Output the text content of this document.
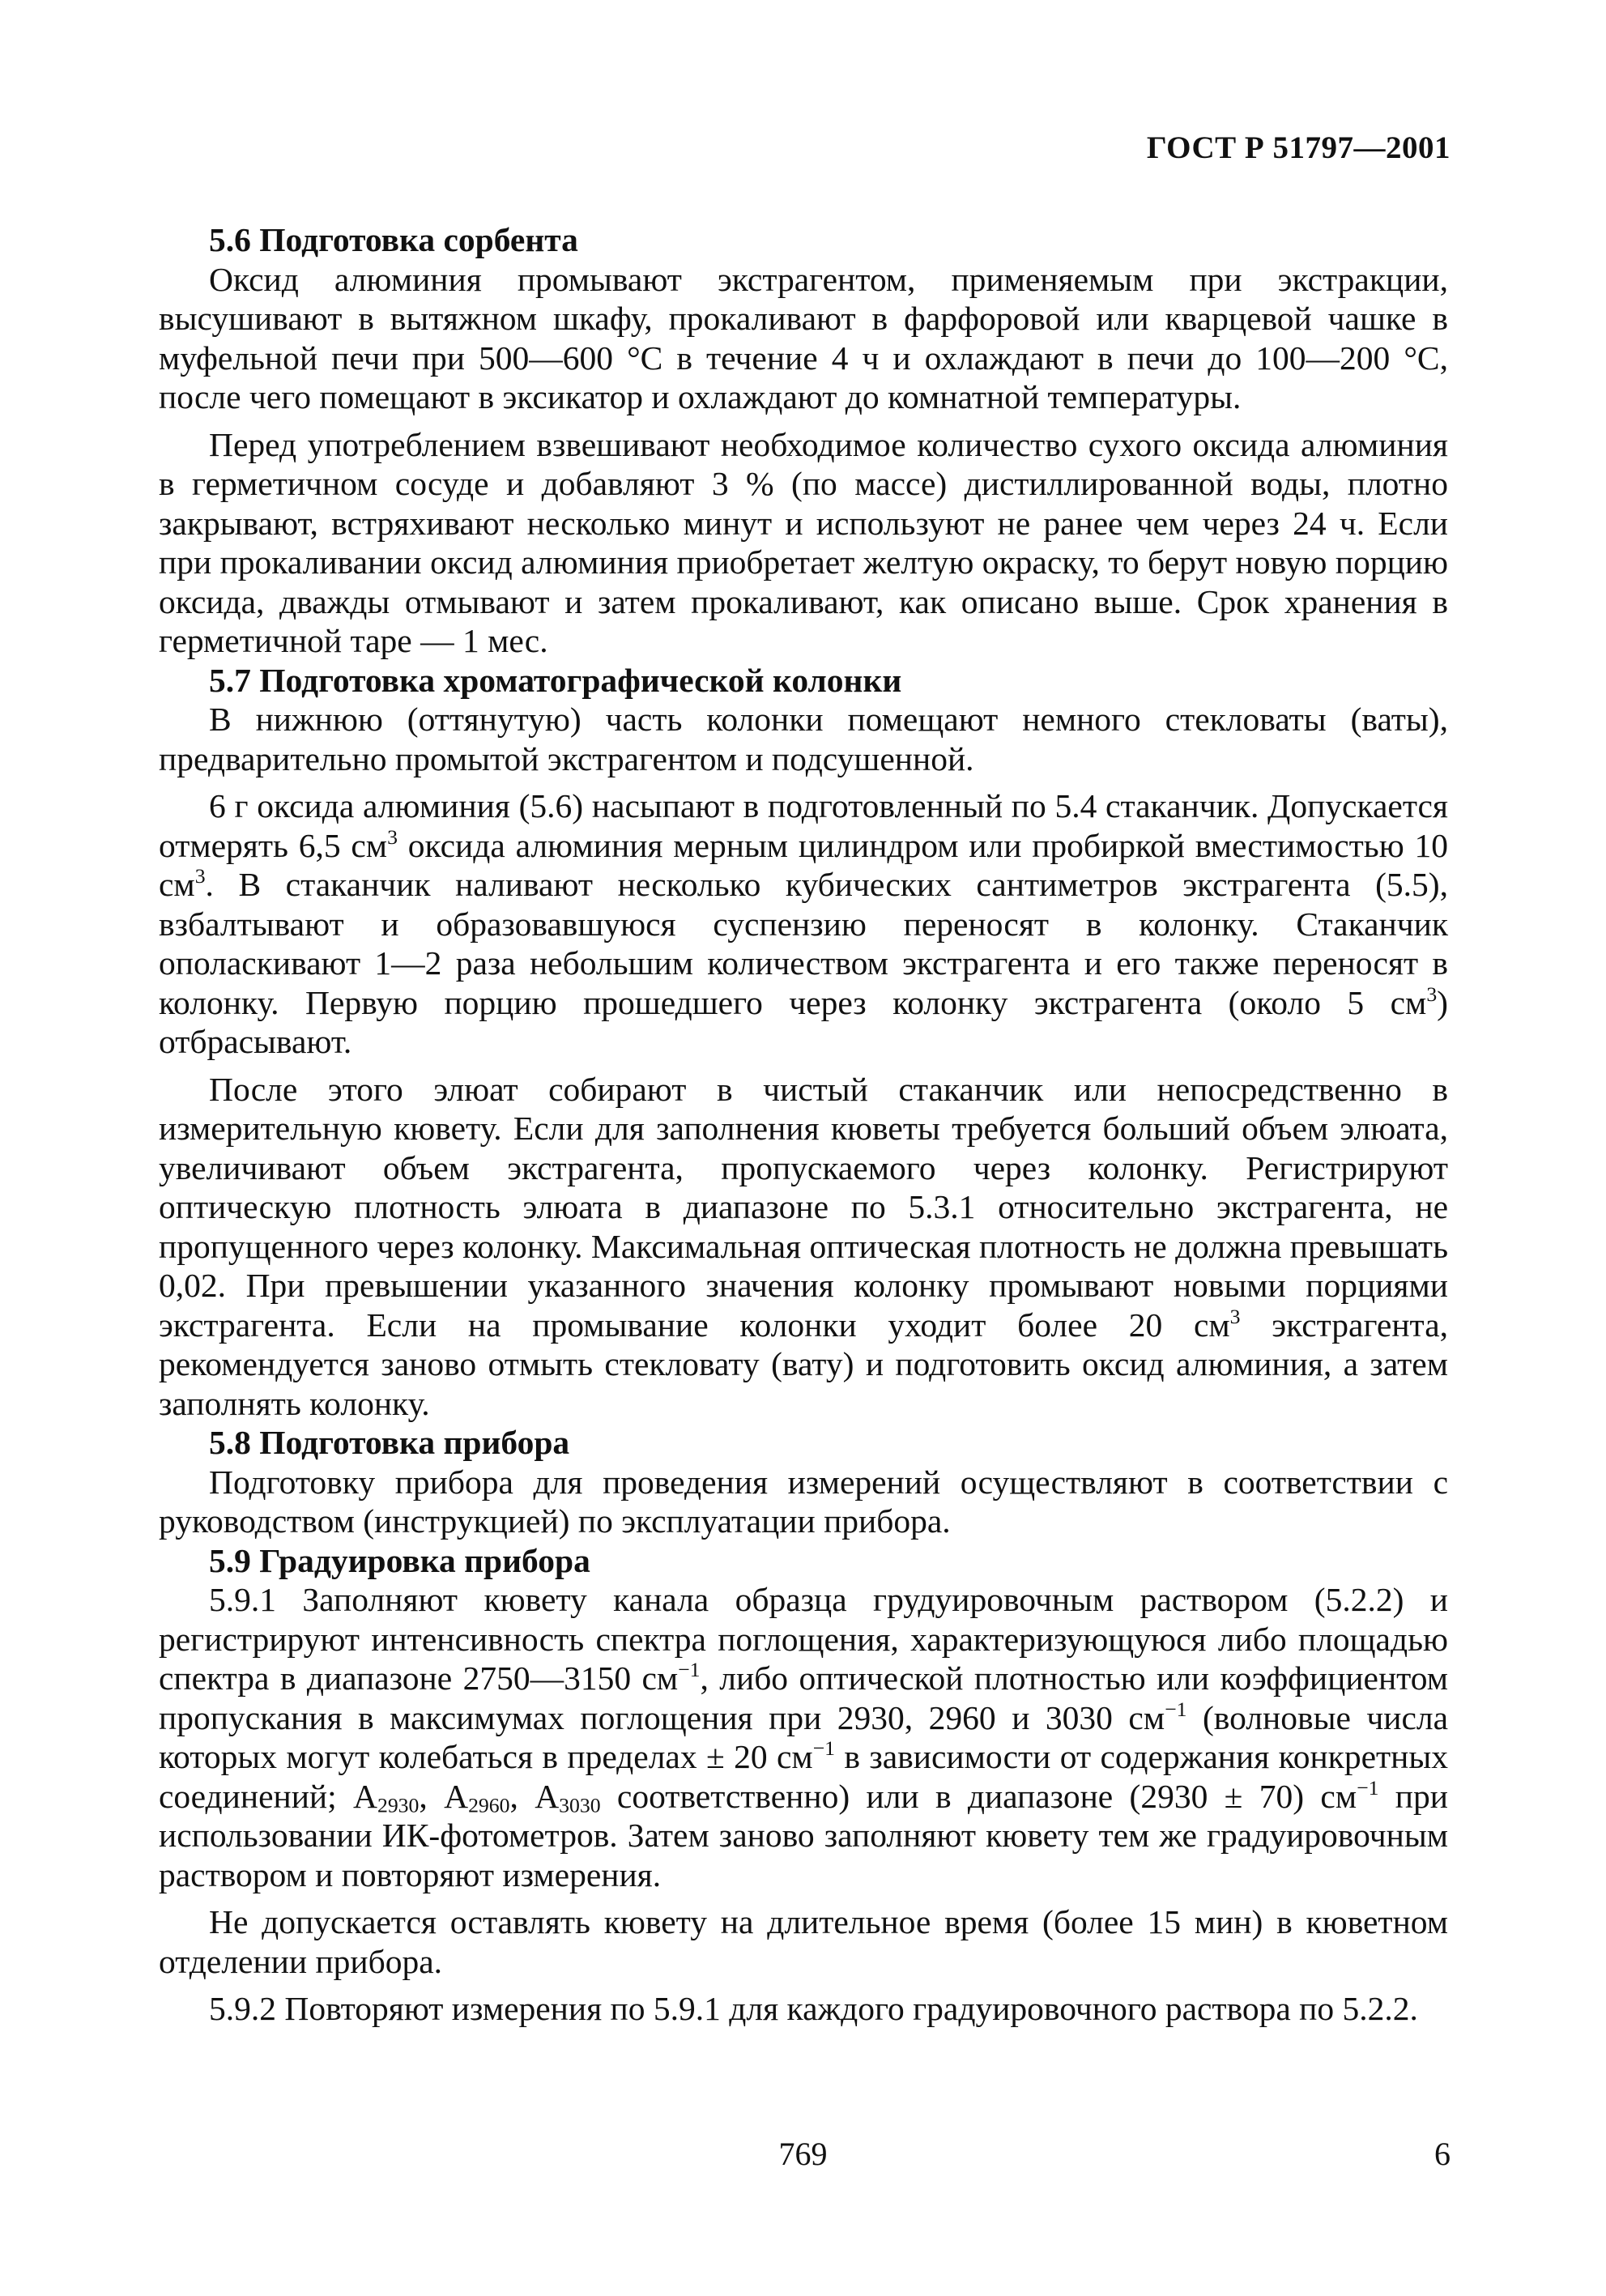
ГОСТ Р 51797—2001

5.6 Подготовка сорбента

Оксид алюминия промывают экстрагентом, применяемым при экстракции, высушивают в вытяжном шкафу, прокаливают в фарфоровой или кварцевой чашке в муфельной печи при 500—600 °С в течение 4 ч и охлаждают в печи до 100—200 °С, после чего помещают в эксикатор и охлаждают до комнатной температуры.

Перед употреблением взвешивают необходимое количество сухого оксида алюминия в герметичном сосуде и добавляют 3 % (по массе) дистиллированной воды, плотно закрывают, встряхивают несколько минут и используют не ранее чем через 24 ч. Если при прокаливании оксид алюминия приобретает желтую окраску, то берут новую порцию оксида, дважды отмывают и затем прокаливают, как описано выше. Срок хранения в герметичной таре — 1 мес.

5.7 Подготовка хроматографической колонки

В нижнюю (оттянутую) часть колонки помещают немного стекловаты (ваты), предварительно промытой экстрагентом и подсушенной.

6 г оксида алюминия (5.6) насыпают в подготовленный по 5.4 стаканчик. Допускается отмерять 6,5 $см^3$ оксида алюминия мерным цилиндром или пробиркой вместимостью 10 $см^3$. В стаканчик наливают несколько кубических сантиметров экстрагента (5.5), взбалтывают и образовавшуюся суспензию переносят в колонку. Стаканчик ополаскивают 1—2 раза небольшим количеством экстрагента и его также переносят в колонку. Первую порцию прошедшего через колонку экстрагента (около 5 $см^3$) отбрасывают.

После этого элюат собирают в чистый стаканчик или непосредственно в измерительную кювету. Если для заполнения кюветы требуется больший объем элюата, увеличивают объем экстрагента, пропускаемого через колонку. Регистрируют оптическую плотность элюата в диапазоне по 5.3.1 относительно экстрагента, не пропущенного через колонку. Максимальная оптическая плотность не должна превышать 0,02. При превышении указанного значения колонку промывают новыми порциями экстрагента. Если на промывание колонки уходит более 20 $см^3$ экстрагента, рекомендуется заново отмыть стекловату (вату) и подготовить оксид алюминия, а затем заполнять колонку.

5.8 Подготовка прибора

Подготовку прибора для проведения измерений осуществляют в соответствии с руководством (инструкцией) по эксплуатации прибора.

5.9 Градуировка прибора

5.9.1 Заполняют кювету канала образца грудуировочным раствором (5.2.2) и регистрируют интенсивность спектра поглощения, характеризующуюся либо площадью спектра в диапазоне 2750—3150 $см^{-1}$, либо оптической плотностью или коэффициентом пропускания в максимумах поглощения при 2930, 2960 и 3030 $см^{-1}$ (волновые числа которых могут колебаться в пределах ± 20 $см^{-1}$ в зависимости от содержания конкретных соединений; $А_{2930}$, $А_{2960}$, $А_{3030}$ соответственно) или в диапазоне (2930 ± 70) $см^{-1}$ при использовании ИК-фотометров. Затем заново заполняют кювету тем же градуировочным раствором и повторяют измерения.

Не допускается оставлять кювету на длительное время (более 15 мин) в кюветном отделении прибора.

5.9.2 Повторяют измерения по 5.9.1 для каждого градуировочного раствора по 5.2.2.

769	6
